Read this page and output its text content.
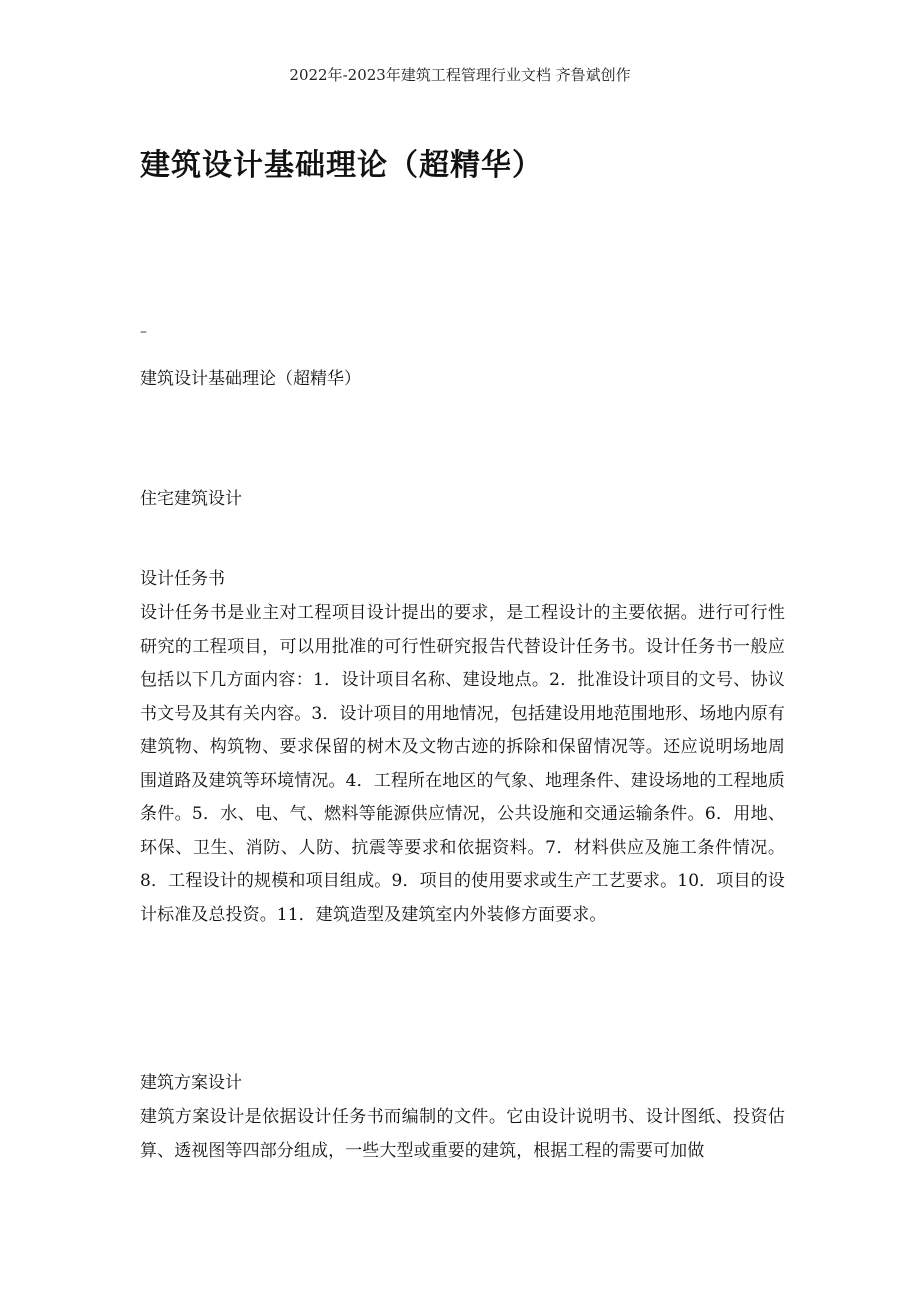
2022年-2023年建筑工程管理行业文档 齐鲁斌创作
建筑设计基础理论（超精华）
–
建筑设计基础理论（超精华）
住宅建筑设计
设计任务书

设计任务书是业主对工程项目设计提出的要求，是工程设计的主要依据。进行可行性研究的工程项目，可以用批准的可行性研究报告代替设计任务书。设计任务书一般应包括以下几方面内容：1．设计项目名称、建设地点。2．批准设计项目的文号、协议书文号及其有关内容。3．设计项目的用地情况，包括建设用地范围地形、场地内原有建筑物、构筑物、要求保留的树木及文物古迹的拆除和保留情况等。还应说明场地周围道路及建筑等环境情况。4．工程所在地区的气象、地理条件、建设场地的工程地质条件。5．水、电、气、燃料等能源供应情况，公共设施和交通运输条件。6．用地、环保、卫生、消防、人防、抗震等要求和依据资料。7．材料供应及施工条件情况。8．工程设计的规模和项目组成。9．项目的使用要求或生产工艺要求。10．项目的设计标准及总投资。11．建筑造型及建筑室内外装修方面要求。

建筑方案设计

建筑方案设计是依据设计任务书而编制的文件。它由设计说明书、设计图纸、投资估算、透视图等四部分组成，一些大型或重要的建筑，根据工程的需要可加做
